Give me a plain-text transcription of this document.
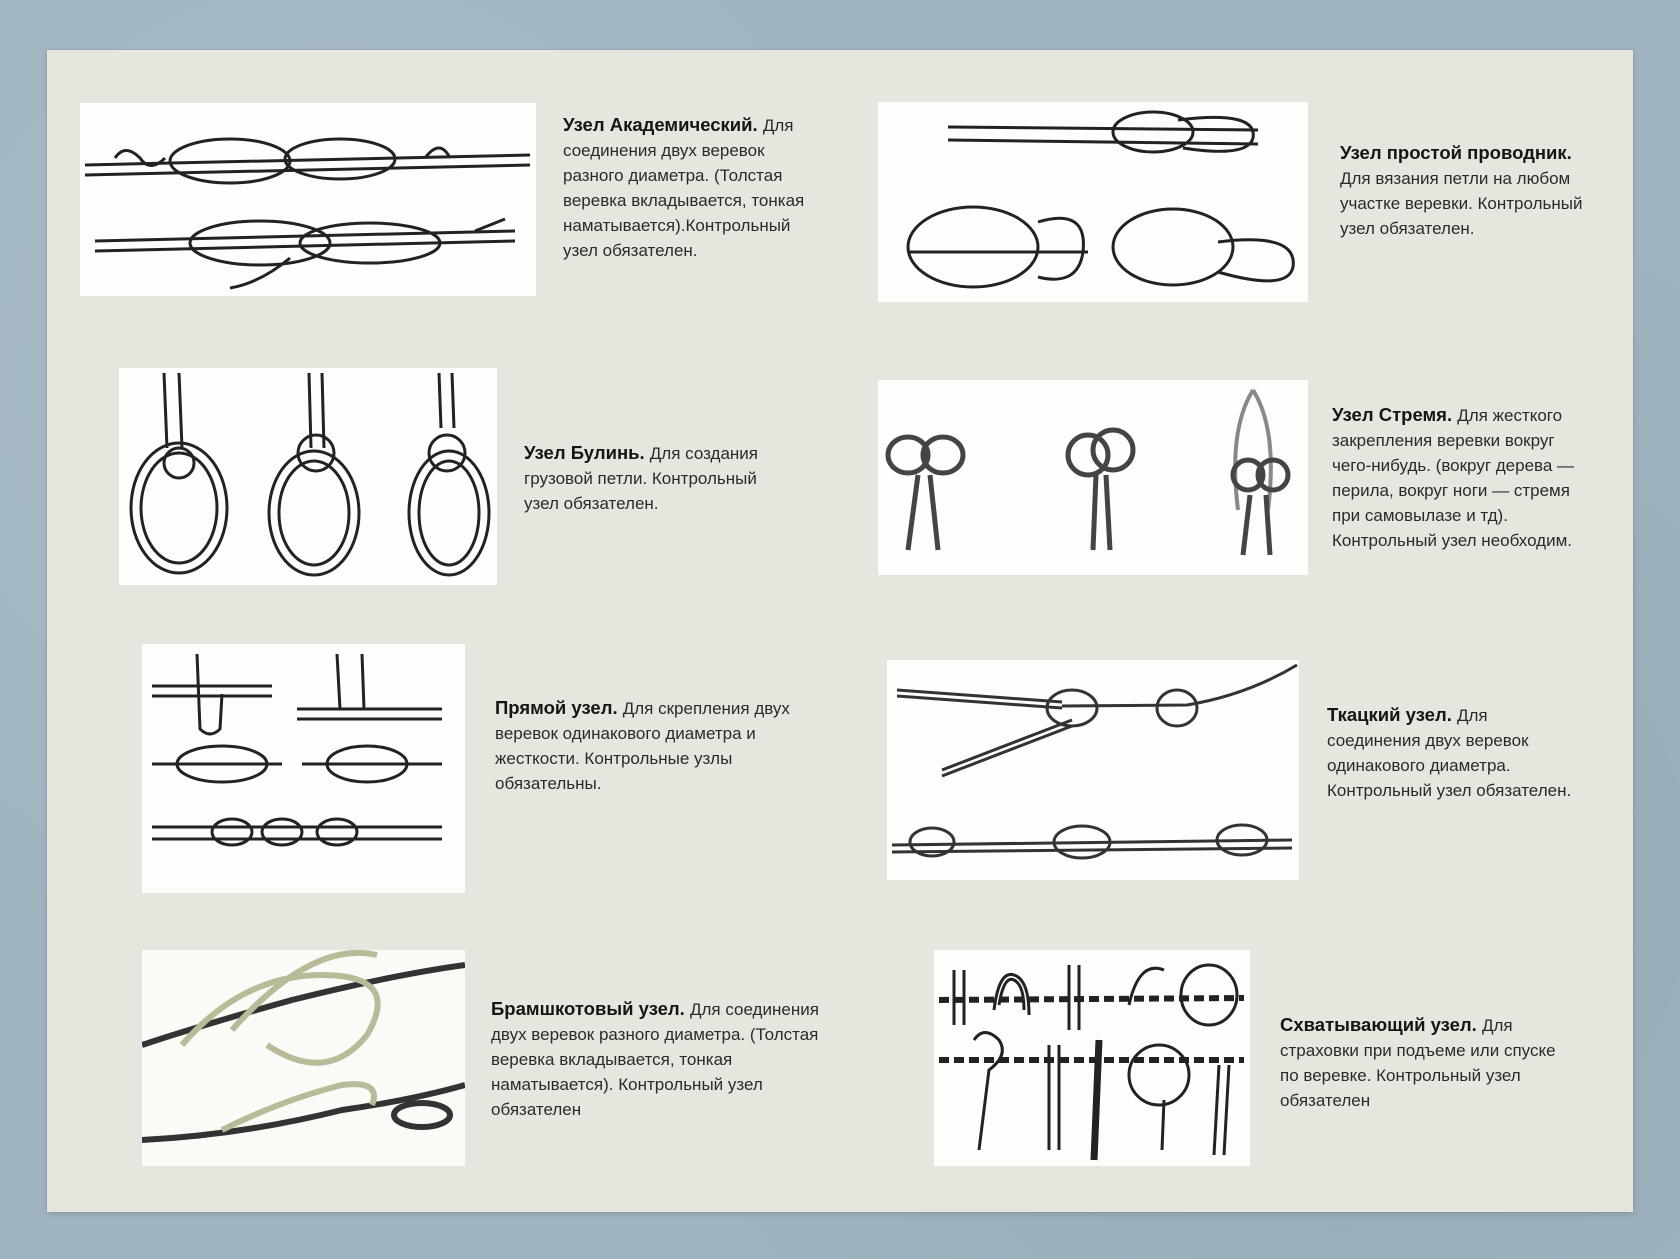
Узел Академический. Для соединения двух веревок разного диаметра. (Толстая веревка вкладывается, тонкая наматывается).Контрольный узел обязателен.
Узел простой проводник. Для вязания петли на любом участке веревки. Контрольный узел обязателен.
Узел Булинь. Для создания грузовой петли. Контрольный узел обязателен.
Узел Стремя. Для жесткого закрепления веревки вокруг чего-нибудь. (вокруг дерева — перила, вокруг ноги — стремя при самовылазе и тд). Контрольный узел необходим.
Прямой узел. Для скрепления двух веревок одинакового диаметра и жесткости. Контрольные узлы обязательны.
Ткацкий узел. Для соединения двух веревок одинакового диаметра. Контрольный узел обязателен.
Брамшкотовый узел. Для соединения двух веревок разного диаметра. (Толстая веревка вкладывается, тонкая наматывается). Контрольный узел обязателен
Схватывающий узел. Для страховки при подъеме или спуске по веревке. Контрольный узел обязателен
